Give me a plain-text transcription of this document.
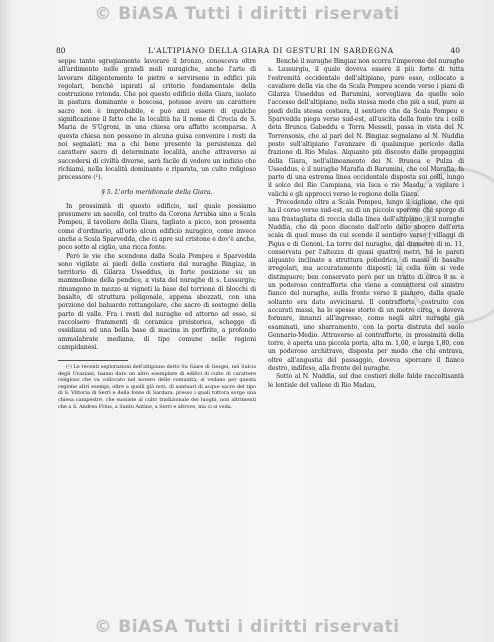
© BiASA Tutti i diritti riservati
BIBLIOTECA D'ARTE
80	L'ALTIPIANO DELLA GIARA DI GESTURI IN SARDEGNA	40

seppe tanto sgregiamente lavorare il bronzo, conosceva oltre all'ardimento nelle grandi moli nuragiche, anche l'arte di lavorare diligentemente le pietre e servirsene in edifici più regolari, benchè ispirati al criterio fondamentale della costruzione rotonda. Che poi questo edificio della Giara, isolato in pastura dominante e boscosa, potesse avere un carattere sacro non è improbabile, e può anzi essere di qualche significazione il fatto che la località ha il nome di Crocia de S. Maria de S'Ugroni, in una chiesa ora affatto scomparsa. A questa chiesa non possono in alcuna guisa convenire i resti da noi segnalati; ma a chi bene presente la persistenza del carattere sacro di determinate località, anche attraverso ai succedersi di civiltà diverse, sarà facile di vedere un indizio che richiami, nella località dominante e riparata, un culto religioso precessore (¹).

§ 5. L'orlo meridionale della Giara.

In prossimità di questo edificio, nel quale possiamo presumere un sacello, col tratto da Corona Arrubia sino a Scala Pompeu, il tavoliere della Giara, tagliato a picco, non presenta come d'ordinario, all'orlo alcun edificio nuragico, come invece anche a Scala Sparvedda, che ci apre sul cristone e dov'è anche, poco sotto al ciglio, una ricca fonte.

Però le vie che scendono dalla Scala Pompeu e Sparvedda sono vigilate ai piedi della costiera dal nuraghe Bingiaz, in territorio di Gilarza Usseddus, in forte posizione su un mammellone della pendice, a vista del nuraghe di s. Lussurgiu; rimangono in mezzo ai vigneti la base del torrione di blocchi di basalto, di struttura poligonale, appena sbozzati, con una porzione del baluardo rettangolare, che sacro di sostegno della parte di valle. Fra i resti del nuraghe ed attorno ad esso, si raccolsero frammenti di ceramica preistorica, schegge di ossidiana ed una bella base di macina in porfirite, a profondo ammalabrate mediana, di tipo comune nelle regioni campidanesi.

(¹) Le recenti esplorazioni dell'altipiano detto Su Giare di Gesgei, nel Sulcis degli Uraziani, hanno dato un altro esemplare di edifici di culto di carattere religioso che va collocato nel novero delle comunità; si vedano per questa regione altri esempi, oltre a quelli già noti, di santuari di acque sacre del tipo di S. Vittoria di Serri e della fonte di Sardara, presso i quali tuttora sorge una chiesa campestre, che sussiste al culto tradizionale dei luoghi, non altrimenti che a S. Andrea Frius, a Santu Antine, a Serri e altrove, ma ci si veda.

Benchè il nuraghe Bingiaz non scorra l'imperone del nuraghe s. Lussurgiu, il quale doveva essere il più forte di tutta l'estremità occidentale dell'altipiano, pure esso, collocato a cavaliere della via che da Scala Pompeu scende verso i piani di Gilarza Usseddus ed Barumini, sorvegliava da quelle solo l'accesso dell'altipiano, nella stessa mode che più a sud, pure ai piedi della stessa costiera, il sentiero che da Scala Pompeu e Sparvedda piega verso sud-est, all'uscita della fonte tra i colli deta Brunca Gabeddu e Torra Messeli, passa in vista del N. Torrensonis, che al pari del N. Bingiaz segnalano al N. Nuddìa posto sull'altipiano l'avanzare di qualunque pericolo dalla frazione di Rio Mulas. Alquanto più discosto dalle propaggini della Giara, nell'allineamento dei N. Brunca e Pulza di Usseddus, è il nuraghe Marafia di Barumini, che col Marafia, fa parte di una estrema linea occidentale disposta sui colli, lungo il solco del Rio Campiana, via Isca e rio Masdu, a vigilare i valichi e gli approcci verso le regione della Giara.

Procedendo oltre a Scala Pompeu, lungo il ciglione, che qui ha il corso verso sud-est, su di un piccolo sperone che sporge di una frastagliata di roccia dalla linea dell'altipiano, è il nuraghe Nuddìa, che dà poco discosto dall'orlo dello sbocco dell'erta scala di quel muso da cui scende il sentiero verso i villaggi di Pigus e di Genoni. La torre del nuraghe, dal diametro di m. 11, conservata per l'altezza di quasi quattro metri, ha le pareti alquanto inclinate a struttura poliedrica, di massi di basalto irregolari, ma accuratamente disposti; la cella non si vede distinguere; ben conservato però per un tratto di circa 8 m. è un poderoso contrafforte che viene a connettersi col sinistro fianco del nuraghe, sulla fronte verso il pianoro, dalla quale soltanto era dato avvicinarsi. Il contrafforte, costruito con accurati massi, ha le spesse storte di un metro circa, e doveva formare, innanzi all'ingresso, come negli altri nuraghi già esaminati, uno sbarramento, con la porta distruta del suolo Gennario-Medio. Attraverso al contrafforte, in prossimità della torre, è aperta una piccola porta, alta m. 1,60, e larga 1,80, con un poderoso architrave, disposta per modo che chi entrava, oltre all'angustia del passaggio, doveva sporcare il fianco destro, indifeso, alla fronte del nuraghe.

Sotto al N. Nuddìa, sul due costieri delle falde raccoltisantà le lentisle del vallese di Rio Madau,

© BiASA Tutti i diritti riservati
